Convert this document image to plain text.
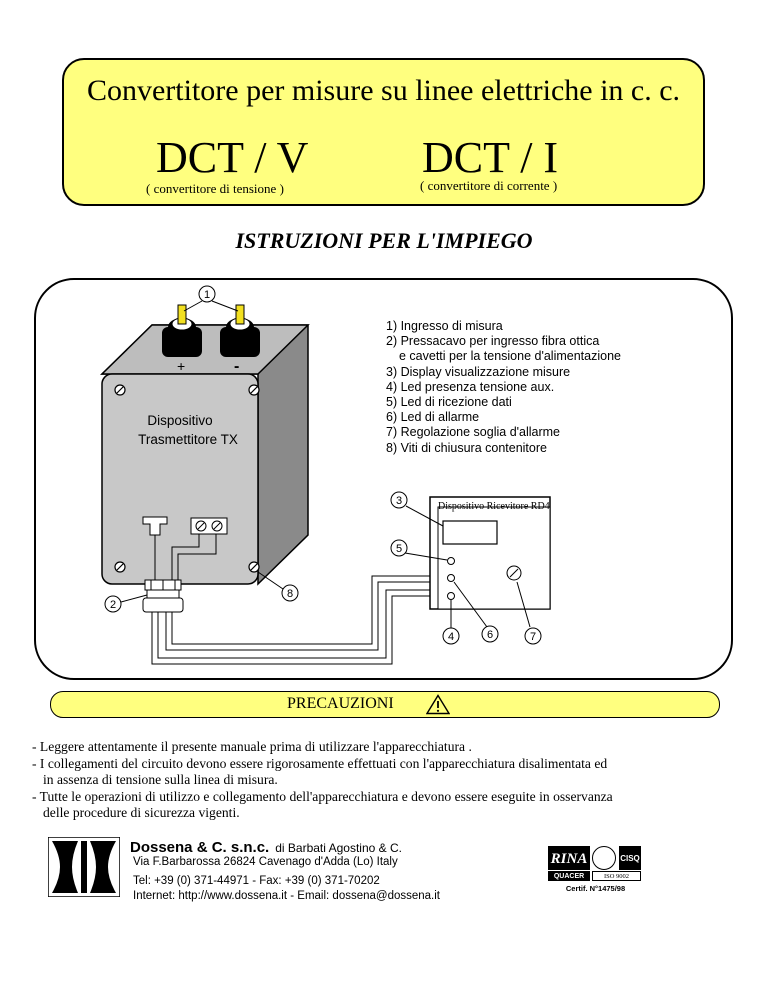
Convertitore per misure su linee elettriche in c. c.
DCT / V
( convertitore di tensione )
DCT / I
( convertitore di corrente )
ISTRUZIONI PER L'IMPIEGO
+	-
Dispositivo
Trasmettitore TX
1
Dispositivo Ricevitore RD4
3
5
6
4	7
8
2
1) Ingresso di misura
2) Pressacavo per ingresso fibra ottica
e cavetti per la tensione d'alimentazione
3) Display visualizzazione misure
4) Led presenza tensione aux.
5) Led di ricezione dati
6) Led di allarme
7) Regolazione soglia d'allarme
8) Viti di chiusura contenitore
PRECAUZIONI
- Leggere attentamente il presente manuale prima di utilizzare l'apparecchiatura .
- I collegamenti del circuito devono essere rigorosamente effettuati con l'apparecchiatura disalimentata ed
in assenza di tensione sulla linea di misura.
- Tutte le operazioni di utilizzo e collegamento dell'apparecchiatura e devono essere eseguite in osservanza
delle procedure di sicurezza vigenti.
Dossena & C. s.n.c. di Barbati Agostino & C.
Via F.Barbarossa 26824 Cavenago d'Adda (Lo) Italy
Tel: +39 (0) 371-44971 - Fax: +39 (0) 371-70202
Internet: http://www.dossena.it - Email: dossena@dossena.it
RINA	CISQ
QUACER	ISO 9002
Certif. N°1475/98
